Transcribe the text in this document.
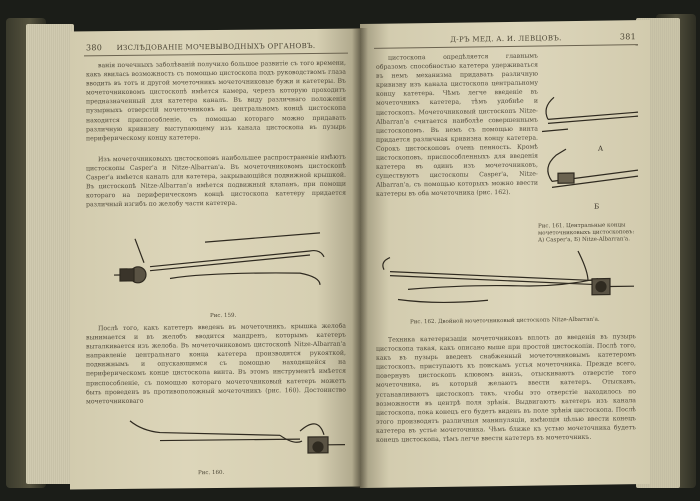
380	ИЗСЛѢДОВАНІЕ МОЧЕВЫВОДНЫХЪ ОРГАНОВЪ.

ванія почечныхъ заболѣваній получило большое развитіе съ того времени, какъ явилась возможность съ помощью цистоскопа подъ руководствомъ глаза вводить въ тотъ и другой мочеточникъ мочеточниковые бужи и катетеры. Въ мочеточниковомъ цистоскопѣ имѣется камера, черезъ которую проходитъ предназначенный для катетера каналъ. Въ виду различнаго положенія пузырныхъ отверстій мочеточниковъ въ центральномъ концѣ цистоскопа находится приспособленіе, съ помощью котораго можно придавать различную кривизну выступающему изъ канала цистоскопа въ пузырь периферическому концу катетера.

Изъ мочеточниковыхъ цистоскоповъ наибольшее распространеніе имѣютъ цистоскопы Casper'a и Nitze-Albarran'a. Въ мочеточниковомъ цистоскопѣ Casper'a имѣется каналъ для катетера, закрывающійся подвижной крышкой. Въ цистоскопѣ Nitze-Albarran'a имѣется подвижный клапанъ, при помощи котораго на периферическомъ концѣ цистоскопа катетеру придается различный изгибъ по желобу части катетера.

Рис. 159.

Послѣ того, какъ катетеръ введенъ въ мочеточникъ, крышка желоба вынимается и въ желобъ вводится мандренъ, которымъ катетеръ выталкивается изъ желоба. Въ мочеточниковомъ цистоскопѣ Nitze-Albarran'a направленіе центральнаго конца катетера производится рукояткой, подвижнымъ и опускающимся съ помощью находящейся на периферическомъ конце цистоскопа винта. Въ этомъ инструментѣ имѣется приспособленіе, съ помощью котораго мочеточниковый катетеръ можетъ быть проведенъ въ противоположный мочеточникъ (рис. 160). Достоинство мочеточниковаго

Рис. 160.
Д-РЪ МЕД. А. И. ЛЕВЦОВЪ.	381

цистоскопа опредѣляется главнымъ образомъ способностью катетера удерживаться въ немъ механизма придавать различную кривизну изъ канала цистоскопа центральному концу катетера. Чѣмъ легче введеніе въ мочеточникъ катетера, тѣмъ удобнѣе и цистоскопъ. Мочеточниковый цистоскопъ Nitze-Albarran'a считается наиболѣе совершеннымъ цистоскопомъ. Въ немъ съ помощью винта придается различная кривизна концу катетера. Сорокъ цистоскоповъ очень пенность. Кромѣ цистоскоповъ, приспособленныхъ для введенія катетера въ одинъ изъ мочеточниковъ, существуютъ цистоскопы Casper'a, Nitze-Albarran'a, съ помощью которыхъ можно ввести катетеры въ оба мочеточника (рис. 162).

A
Б
Рис. 161. Центральные концы мочеточниковыхъ цистоскоповъ: А) Casper'a, Б) Nitze-Albarran'a.
Рис. 162. Двойной мочеточниковый цистоскопъ Nitze-Albarran'a.

Техника катетеризаціи мочеточниковъ вплоть до введенія въ пузырь цистоскопа такая, какъ описано выше при простой цистоскопіи. Послѣ того, какъ въ пузырь введенъ снабженный мочеточниковымъ катетеромъ цистоскопъ, приступаютъ къ поискамъ устья мочеточника. Прежде всего, повернувъ цистоскопъ клювомъ внизъ, отыскиваютъ отверстіе того мочеточника, въ который желаютъ ввести катетеръ. Отыскавъ, устанавливаютъ цистоскопъ такъ, чтобы это отверстіе находилось по возможности въ центрѣ поля зрѣнія. Выдвигаютъ катетеръ изъ канала цистоскопа, пока конецъ его будетъ виденъ въ поле зрѣнія цистоскопа. Послѣ этого производятъ различныя манипуляціи, имѣющія цѣлью ввести конецъ катетера въ устье мочеточника. Чѣмъ ближе къ устью мочеточника будетъ конецъ цистоскопа, тѣмъ легче ввести катетеръ въ мочеточникъ.
